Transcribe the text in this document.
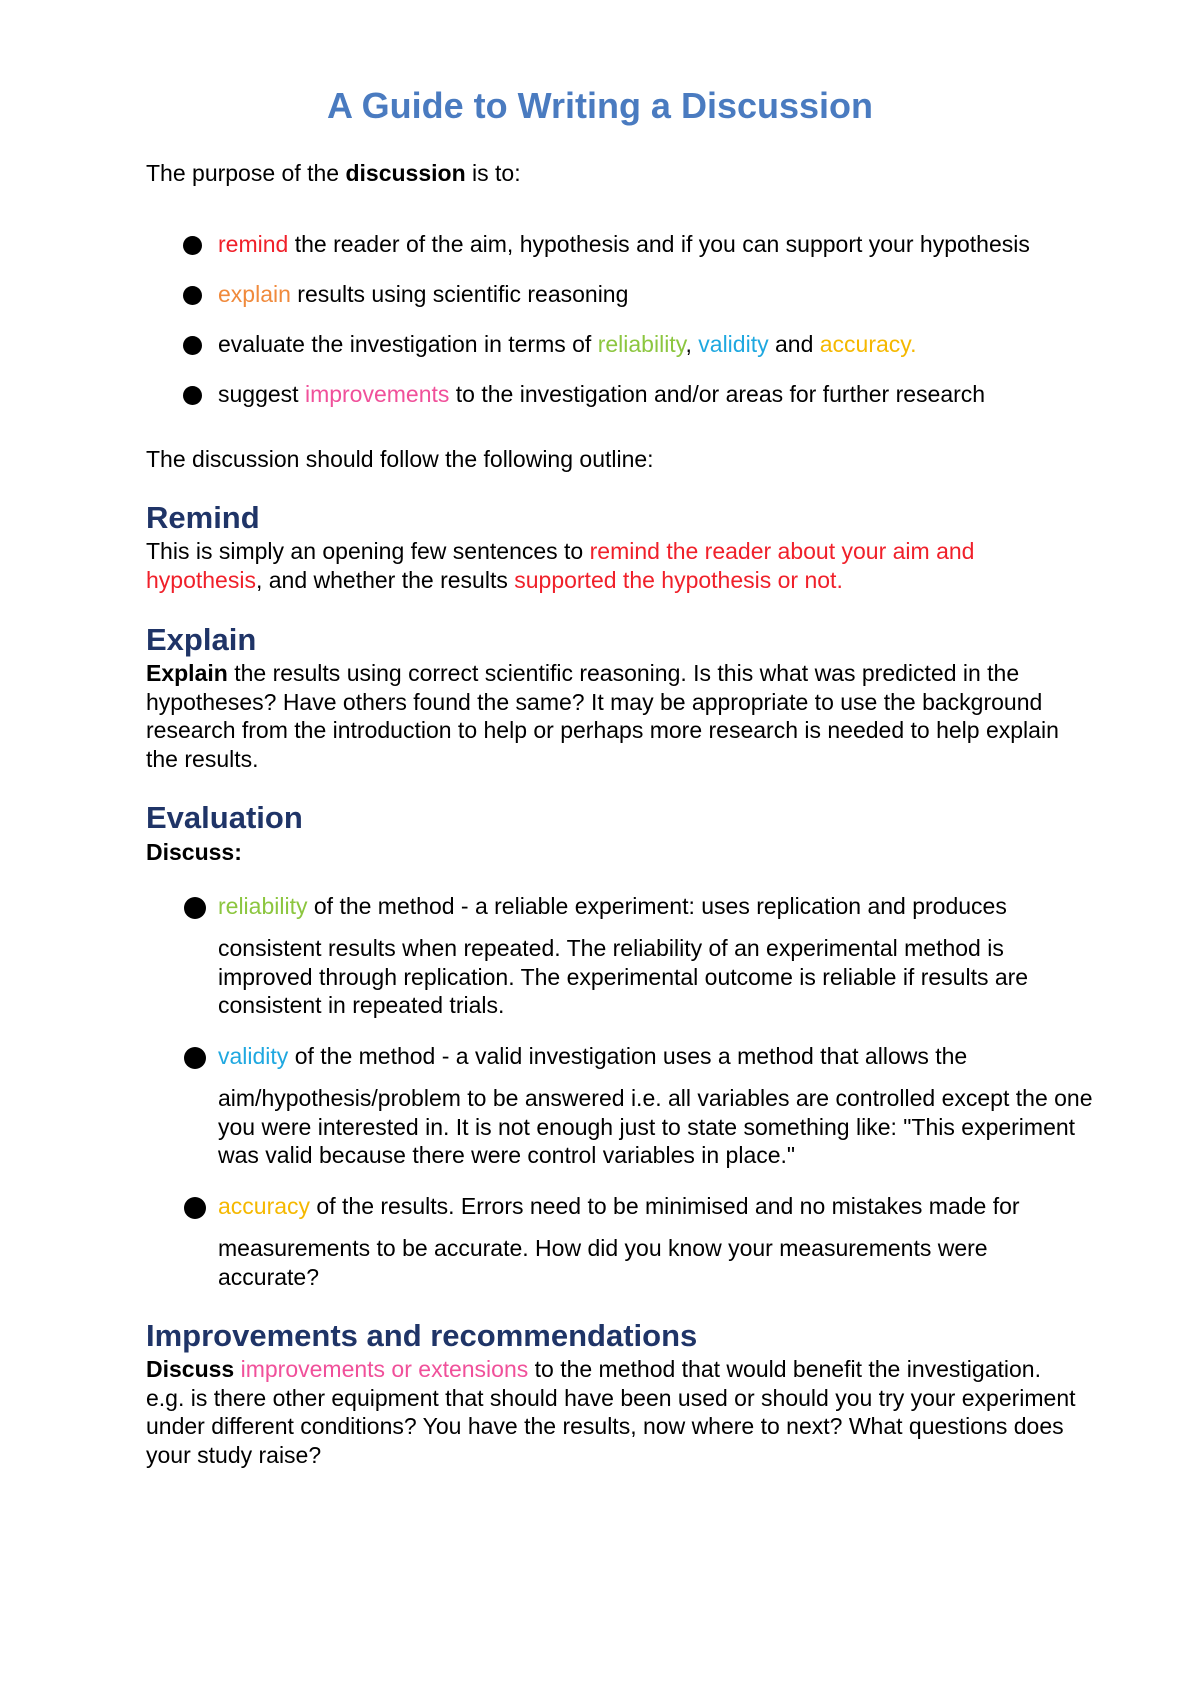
A Guide to Writing a Discussion

The purpose of the discussion is to:

remind the reader of the aim, hypothesis and if you can support your hypothesis

explain results using scientific reasoning

evaluate the investigation in terms of reliability, validity and accuracy.

suggest improvements to the investigation and/or areas for further research

The discussion should follow the following outline:

Remind

This is simply an opening few sentences to remind the reader about your aim and hypothesis, and whether the results supported the hypothesis or not.

Explain

Explain the results using correct scientific reasoning. Is this what was predicted in the hypotheses? Have others found the same? It may be appropriate to use the background research from the introduction to help or perhaps more research is needed to help explain the results.

Evaluation

Discuss:

reliability of the method - a reliable experiment: uses replication and produces

consistent results when repeated. The reliability of an experimental method is improved through replication. The experimental outcome is reliable if results are consistent in repeated trials.

validity of the method - a valid investigation uses a method that allows the

aim/hypothesis/problem to be answered i.e. all variables are controlled except the one you were interested in. It is not enough just to state something like: "This experiment was valid because there were control variables in place."

accuracy of the results. Errors need to be minimised and no mistakes made for

measurements to be accurate. How did you know your measurements were accurate?

Improvements and recommendations

Discuss improvements or extensions to the method that would benefit the investigation. e.g. is there other equipment that should have been used or should you try your experiment under different conditions? You have the results, now where to next? What questions does your study raise?
